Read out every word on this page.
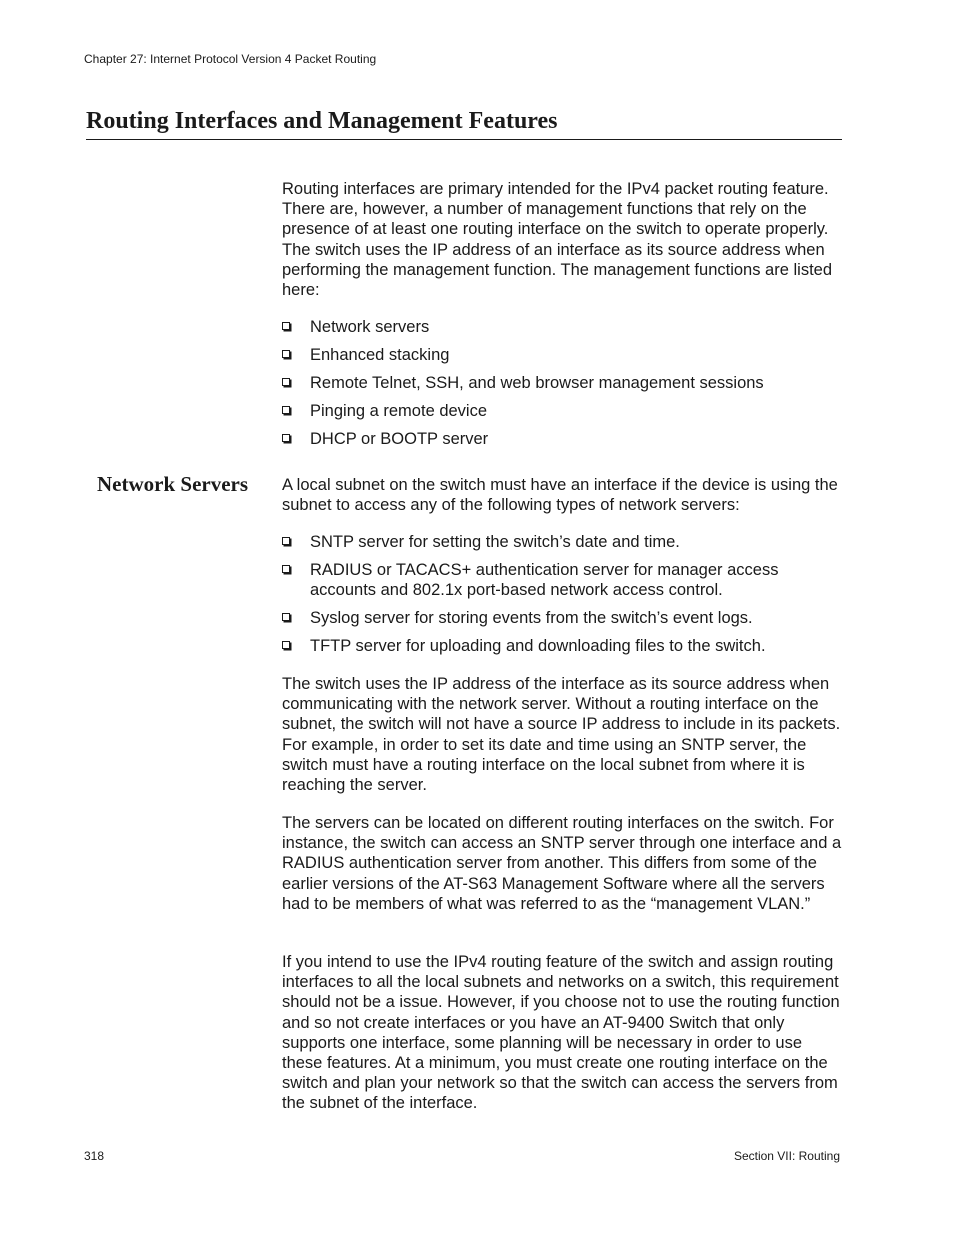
Chapter 27: Internet Protocol Version 4 Packet Routing
Routing Interfaces and Management Features

Routing interfaces are primary intended for the IPv4 packet routing feature. There are, however, a number of management functions that rely on the presence of at least one routing interface on the switch to operate properly. The switch uses the IP address of an interface as its source address when performing the management function. The management functions are listed here:

Network servers
Enhanced stacking
Remote Telnet, SSH, and web browser management sessions
Pinging a remote device
DHCP or BOOTP server
Network Servers A local subnet on the switch must have an interface if the device is using the subnet to access any of the following types of network servers:

SNTP server for setting the switch’s date and time.
RADIUS or TACACS+ authentication server for manager access accounts and 802.1x port-based network access control.
Syslog server for storing events from the switch’s event logs.
TFTP server for uploading and downloading files to the switch.

The switch uses the IP address of the interface as its source address when communicating with the network server. Without a routing interface on the subnet, the switch will not have a source IP address to include in its packets. For example, in order to set its date and time using an SNTP server, the switch must have a routing interface on the local subnet from where it is reaching the server.

The servers can be located on different routing interfaces on the switch. For instance, the switch can access an SNTP server through one interface and a RADIUS authentication server from another. This differs from some of the earlier versions of the AT-S63 Management Software where all the servers had to be members of what was referred to as the “management VLAN.”

If you intend to use the IPv4 routing feature of the switch and assign routing interfaces to all the local subnets and networks on a switch, this requirement should not be a issue. However, if you choose not to use the routing function and so not create interfaces or you have an AT-9400 Switch that only supports one interface, some planning will be necessary in order to use these features. At a minimum, you must create one routing interface on the switch and plan your network so that the switch can access the servers from the subnet of the interface.

318	Section VII: Routing
